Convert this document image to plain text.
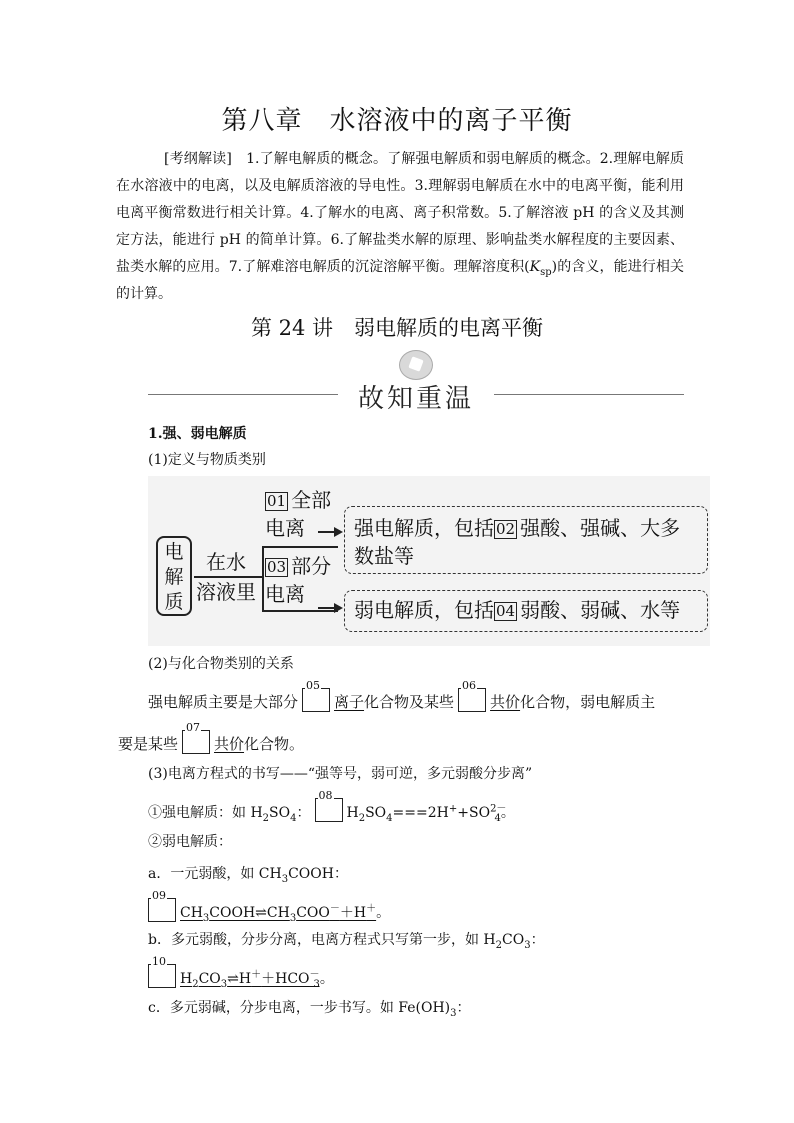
第八章　水溶液中的离子平衡
[考纲解读]　 1.了解电解质的概念。了解强电解质和弱电解质的概念。2.理解电解质在水溶液中的电离，以及电解质溶液的导电性。3.理解弱电解质在水中的电离平衡，能利用电离平衡常数进行相关计算。4.了解水的电离、离子积常数。5.了解溶液 pH 的含义及其测定方法，能进行 pH 的简单计算。6.了解盐类水解的原理、影响盐类水解程度的主要因素、盐类水解的应用。7.了解难溶电解质的沉淀溶解平衡。理解溶度积$(K_{sp})$的含义，能进行相关的计算。
第 24 讲　弱电解质的电离平衡
故知重温
1.强、弱电解质
(1)定义与物质类别
电
解
质
在水
溶液里
01 全部
电离
03 部分
电离
强电解质，包括 02 强酸、强碱、大多
数盐等
弱电解质，包括 04 弱酸、弱碱、水等
(2)与化合物类别的关系
强电解质主要是大部分
05
离子化合物及某些
06
共价化合物，弱电解质主
要是某些
07
共价化合物。
(3)电离方程式的书写——“强等号，弱可逆，多元弱酸分步离”
①强电解质：如 $H_2SO_4$：
08
$H_2SO_4===2H^++SO^{2-}_4$。
②弱电解质：
a．一元弱酸，如 $CH_3COOH$：
09
$CH_3COOH\rightleftharpoons CH_3COO^-+H^+$。
b．多元弱酸，分步分离，电离方程式只写第一步，如 $H_2CO_3$：
10
$H_2CO_3\rightleftharpoons H^++HCO^-_3$。
c．多元弱碱，分步电离，一步书写。如 $Fe(OH)_3$：
